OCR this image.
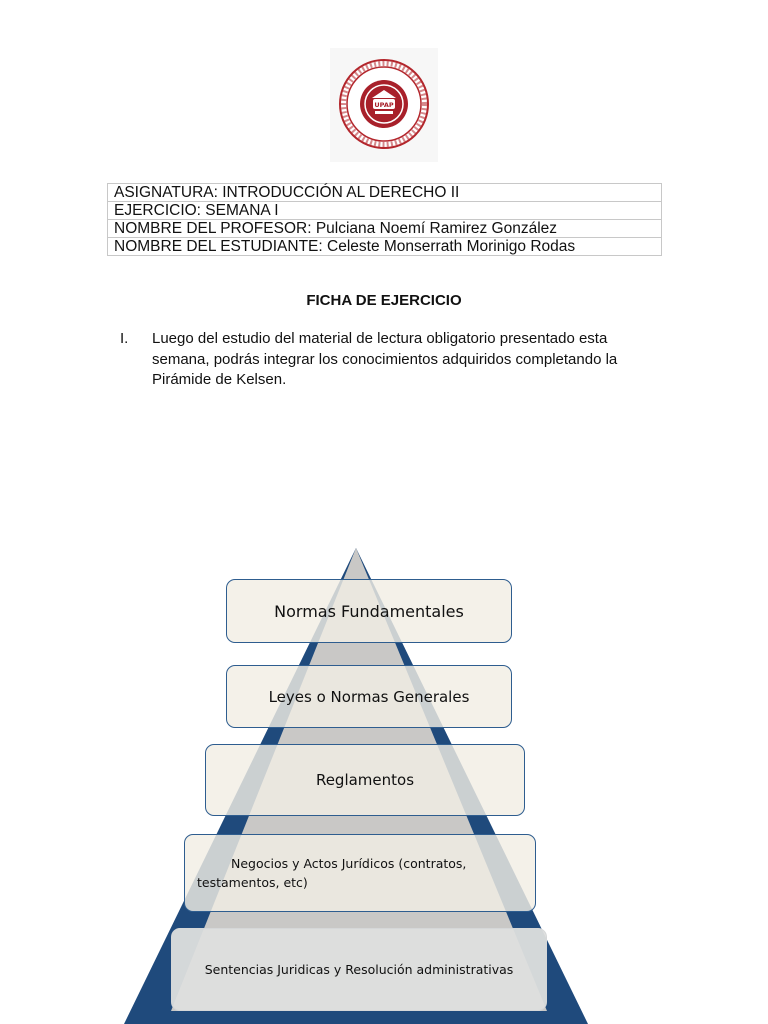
UPAP
ASIGNATURA: INTRODUCCIÓN AL DERECHO II
EJERCICIO: SEMANA I
NOMBRE DEL PROFESOR: Pulciana Noemí Ramirez González
NOMBRE DEL ESTUDIANTE: Celeste Monserrath Morinigo Rodas
FICHA DE EJERCICIO
I. Luego del estudio del material de lectura obligatorio presentado esta semana, podrás integrar los conocimientos adquiridos completando la Pirámide de Kelsen.
Normas Fundamentales
Leyes o Normas Generales
Reglamentos
Negocios y Actos Jurídicos (contratos, testamentos, etc)
Sentencias Juridicas y Resolución administrativas
